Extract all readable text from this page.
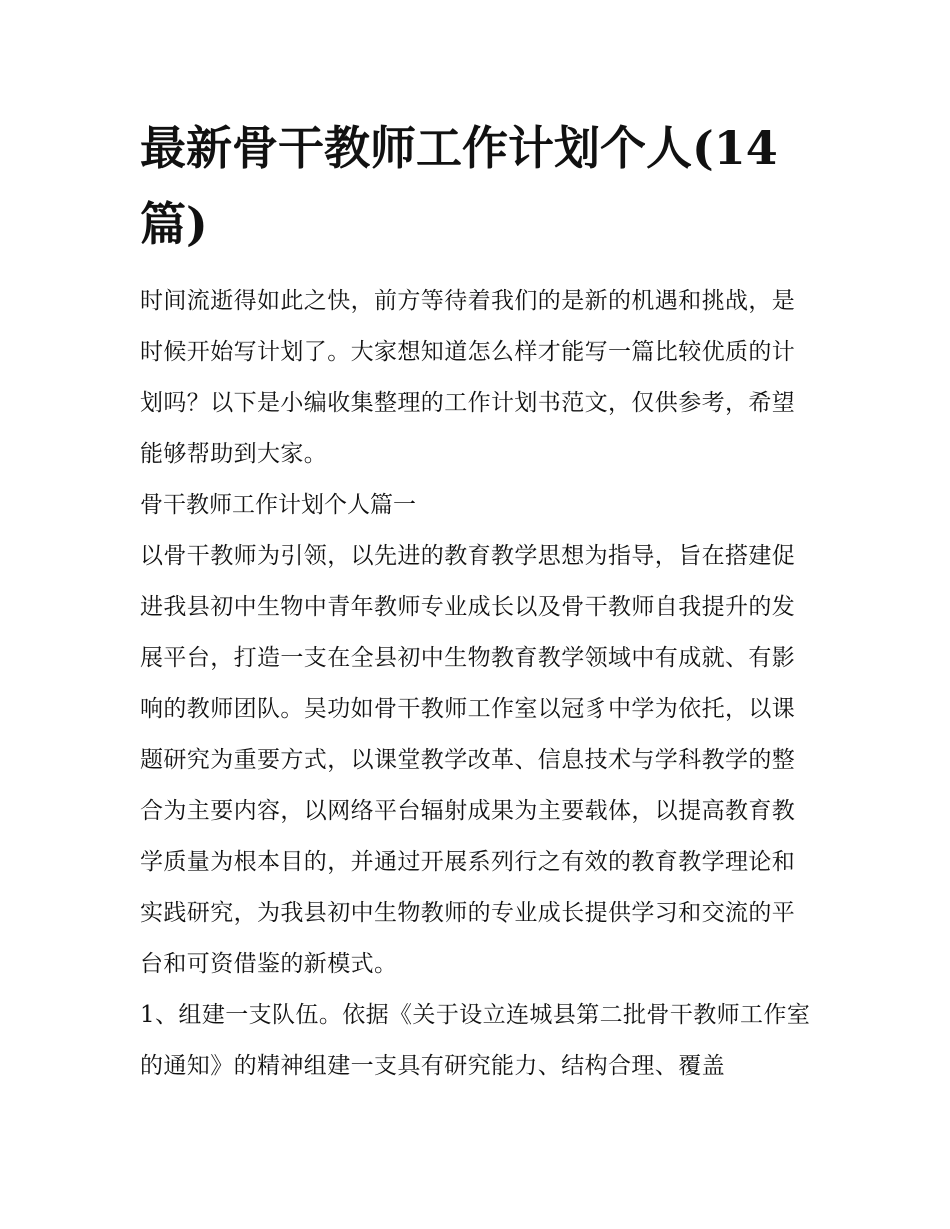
最新骨干教师工作计划个人(14篇)

时间流逝得如此之快，前方等待着我们的是新的机遇和挑战，是时候开始写计划了。大家想知道怎么样才能写一篇比较优质的计划吗？以下是小编收集整理的工作计划书范文，仅供参考，希望能够帮助到大家。

骨干教师工作计划个人篇一

以骨干教师为引领，以先进的教育教学思想为指导，旨在搭建促进我县初中生物中青年教师专业成长以及骨干教师自我提升的发展平台，打造一支在全县初中生物教育教学领域中有成就、有影响的教师团队。吴功如骨干教师工作室以冠豸中学为依托，以课题研究为重要方式，以课堂教学改革、信息技术与学科教学的整合为主要内容，以网络平台辐射成果为主要载体，以提高教育教学质量为根本目的，并通过开展系列行之有效的教育教学理论和实践研究，为我县初中生物教师的专业成长提供学习和交流的平台和可资借鉴的新模式。

1、组建一支队伍。依据《关于设立连城县第二批骨干教师工作室的通知》的精神组建一支具有研究能力、结构合理、覆盖
